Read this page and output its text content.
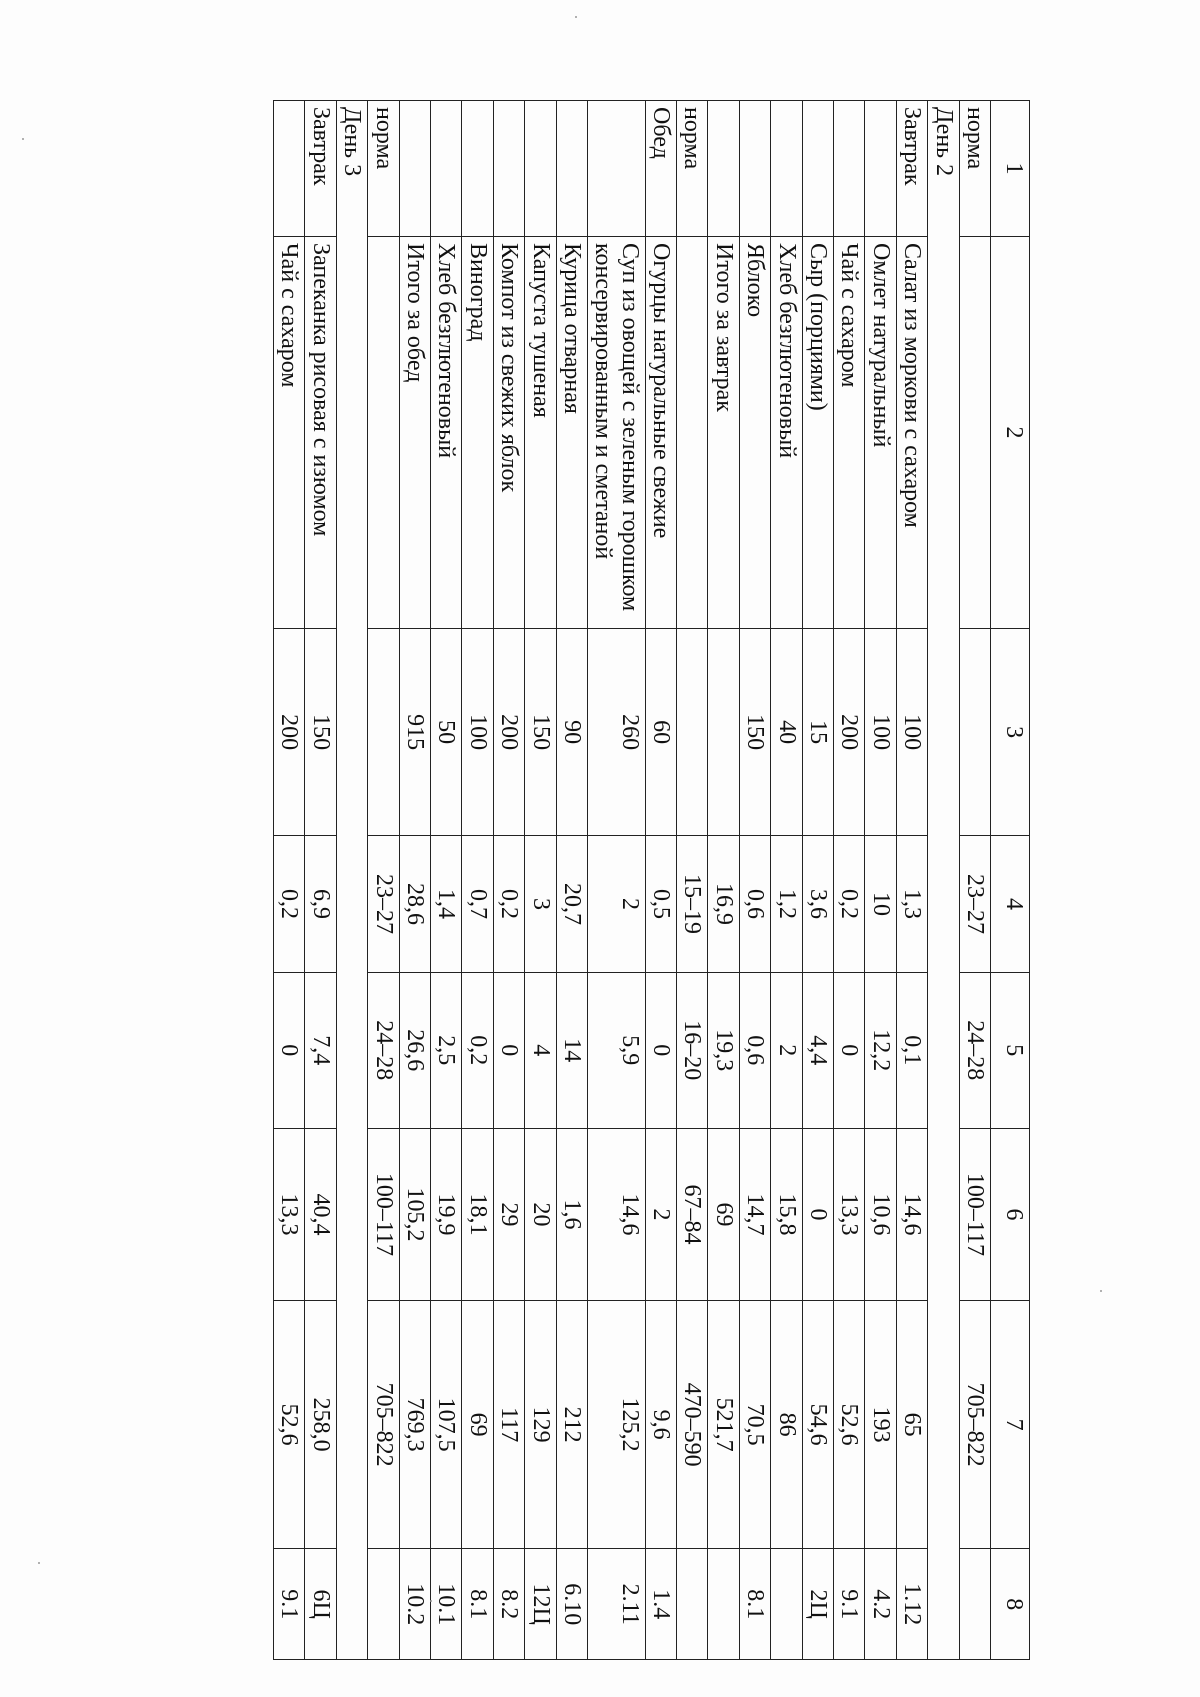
1	2	3	4	5	6	7	8
норма			23–27	24–28	100–117	705–822	
День 2							
Завтрак	Салат из моркови с сахаром	100	1,3	0,1	14,6	65	1.12
	Омлет натуральный	100	10	12,2	10,6	193	4.2
	Чай с сахаром	200	0,2	0	13,3	52,6	9.1
	Сыр (порциями)	15	3,6	4,4	0	54,6	2Ц
	Хлеб безглютеновый	40	1,2	2	15,8	86	
	Яблоко	150	0,6	0,6	14,7	70,5	8.1
	Итого за завтрак		16,9	19,3	69	521,7	
норма			15–19	16–20	67–84	470–590	
Обед	Огурцы натуральные свежие	60	0,5	0	2	9,6	1.4
	Суп из овощей с зеленым горошком консервированным и сметаной	260	2	5,9	14,6	125,2	2.11
	Курица отварная	90	20,7	14	1,6	212	6.10
	Капуста тушеная	150	3	4	20	129	12Ц
	Компот из свежих яблок	200	0,2	0	29	117	8.2
	Виноград	100	0,7	0,2	18,1	69	8.1
	Хлеб безглютеновый	50	1,4	2,5	19,9	107,5	10.1
	Итого за обед	915	28,6	26,6	105,2	769,3	10.2
норма			23–27	24–28	100–117	705–822	
День 3							
Завтрак	Запеканка рисовая с изюмом	150	6,9	7,4	40,4	258,0	6Ц
	Чай с сахаром	200	0,2	0	13,3	52,6	9.1
